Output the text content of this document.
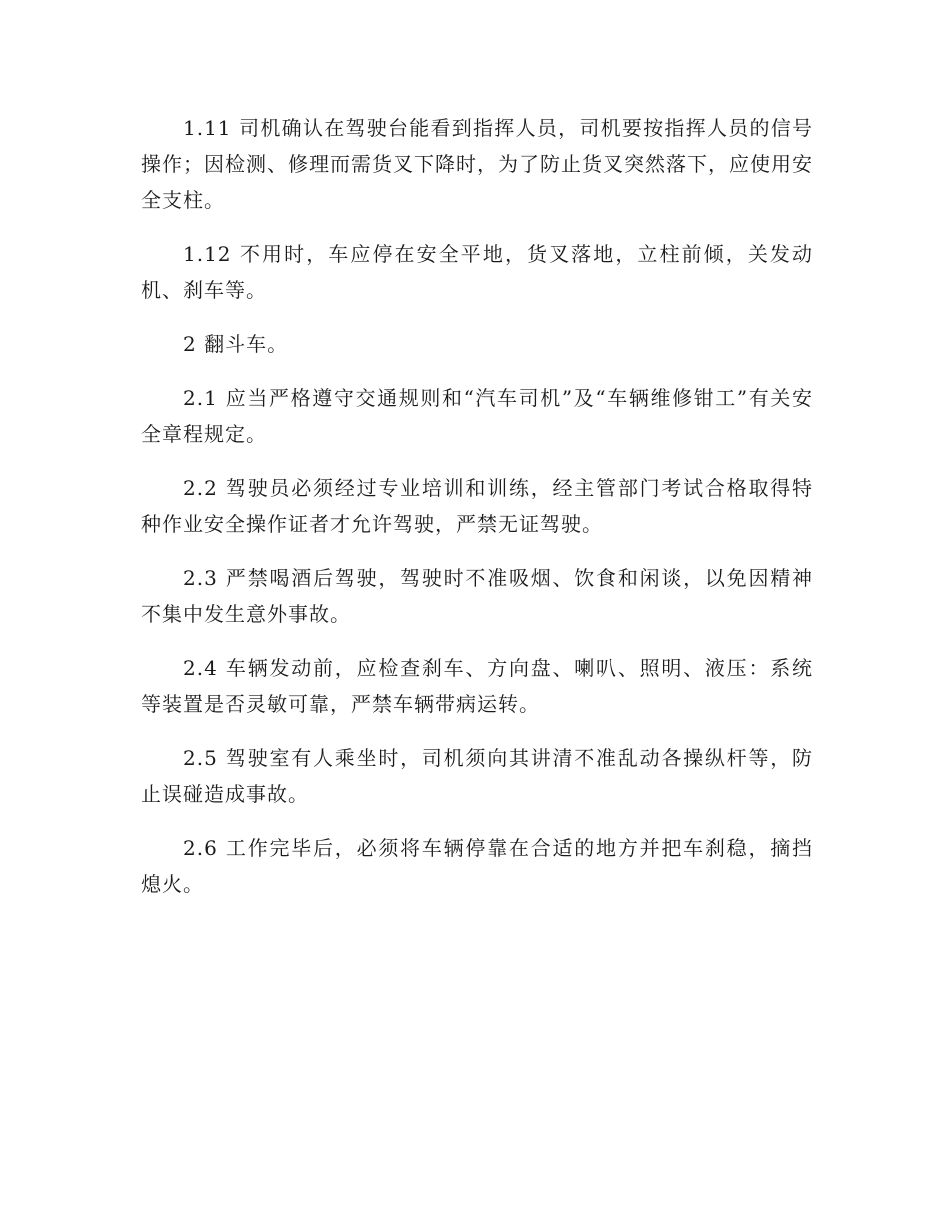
1.11 司机确认在驾驶台能看到指挥人员，司机要按指挥人员的信号操作；因检测、修理而需货叉下降时，为了防止货叉突然落下，应使用安全支柱。

1.12 不用时，车应停在安全平地，货叉落地，立柱前倾，关发动机、刹车等。

2 翻斗车。

2.1 应当严格遵守交通规则和“汽车司机”及“车辆维修钳工”有关安全章程规定。

2.2 驾驶员必须经过专业培训和训练，经主管部门考试合格取得特种作业安全操作证者才允许驾驶，严禁无证驾驶。

2.3 严禁喝酒后驾驶，驾驶时不准吸烟、饮食和闲谈，以免因精神不集中发生意外事故。

2.4 车辆发动前，应检查刹车、方向盘、喇叭、照明、液压：系统等装置是否灵敏可靠，严禁车辆带病运转。

2.5 驾驶室有人乘坐时，司机须向其讲清不准乱动各操纵杆等，防止误碰造成事故。

2.6 工作完毕后，必须将车辆停靠在合适的地方并把车刹稳，摘挡熄火。
